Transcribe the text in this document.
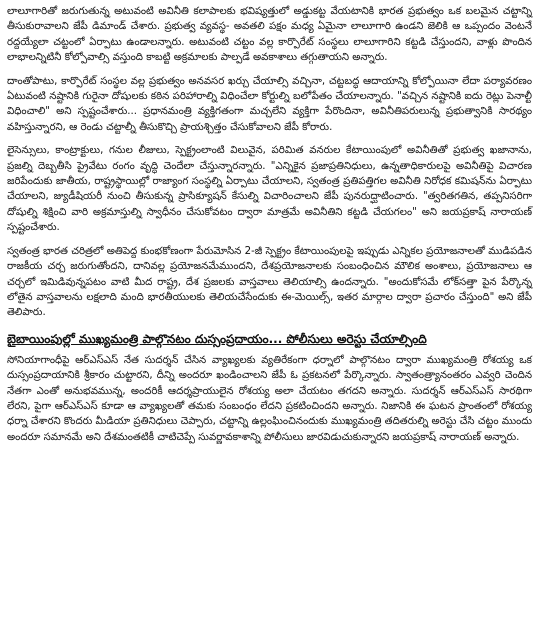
లాలూగారితో జరుగుతున్న అటువంటి అవినీతి కలాపాలకు భవిష్యత్తులో అడ్డుకట్ట వేయటానికి భారత ప్రభుత్వం ఒక బలమైన చట్టాన్ని తీసుకురావాలని జేపీ డిమాండ్ చేశారు. ప్రభుత్వ వ్యవస్థ- అవతలి పక్షం మధ్య ఏమైనా లాలూగారి ఉండని జెలికి ఆ ఒప్పందం వెంటనే రద్దయ్యేలా చట్టంలో ఏర్పాటు ఉండాలన్నారు. అటువంటి చట్టం వల్ల కార్పొరేట్ సంస్థలు లాలూగారిని కట్టడి చేస్తుందని, వాళ్లు పొందిన లాభాలన్నిటినీ కోల్పోవాల్సి వస్తుంది కాబట్టి అక్రమాలకు పాల్పడే అవకాశాలు తగ్గుతాయని అన్నారు.

దాంతోపాటు, కార్పొరేట్ సంస్థల వల్ల ప్రభుత్వం అనవసర ఖర్చు చేయాల్సి వచ్చినా, చట్టబద్ధ ఆదాయాన్ని కోల్పోయినా లేదా పర్యావరణం ఏటువంటి నష్టానికి గురైనా దోషులకు కఠిన పరిహారాల్ని విధించేలా కోర్టుల్ని బలోపేతం చేయాలన్నారు. "వచ్చిన నష్టానికి ఐదు రెట్లు పెనాల్టీ విధించాలి" అని స్పష్టంచేశారు... ప్రధానమంత్రి వ్యక్తిగతంగా మచ్చలేని వ్యక్తిగా పేరొందినా, అవినీతిపరులున్న ప్రభుత్వానికి సారథ్యం వహిస్తున్నారని, ఆ రెండు చట్టాల్నీ తీసుకొచ్చి ప్రాయశ్చిత్తం చేసుకోవాలని జేపీ కోరారు.

లైసెన్సులు, కాంట్రాక్టులు, గనుల లీజులు, స్పెక్ట్రంలాంటి విలువైన, పరిమిత వనరుల కేటాయింపులో అవినీతితో ప్రభుత్వ ఖజానాను, ప్రజల్ని దెబ్బతీసి ప్రైవేటు రంగం వృద్ధి చెందేలా చేస్తున్నారన్నారు. "ఎన్నికైన ప్రజాప్రతినిధులు, ఉన్నతాధికారులపై అవినీతిపై విచారణ జరిపేందుకు జాతీయ, రాష్ట్రస్థాయిల్లో రాజ్యాంగ సంస్థల్ని ఏర్పాటు చేయాలని, స్వతంత్ర ప్రతిపత్తిగల అవినీతి నిరోధక కమిషన్‌ను ఏర్పాటు చేయాలని, జ్యుడీషియరీ నుంచి తీసుకున్న ప్రాసిక్యూషన్ కేసుల్ని విచారించాలని జేపీ పునరుద్ఘాటించారు. "త్వరితగతిన, తప్పనిసరిగా దోషుల్ని శిక్షించి వారి అక్రమాస్తుల్ని స్వాధీనం చేసుకోవటం ద్వారా మాత్రమే అవినీతిని కట్టడి చేయగలం" అని జయప్రకాష్ నారాయణ్ స్పష్టంచేశారు.

స్వతంత్ర భారత చరిత్రలో అతిపెద్ద కుంభకోణంగా పేరుమోసిన 2-జీ స్పెక్ట్రం కేటాయింపులపై ఇప్పుడు ఎన్నికల ప్రయోజనాలతో ముడిపడిన రాజకీయ చర్చ జరుగుతోందని, దానివల్ల ప్రయోజనమేముందని, దేశప్రయోజనాలకు సంబంధించిన మౌలిక అంశాలు, ప్రయోజనాలు ఆ చర్చలో ఇమిడివున్నపటం వాటి మీద రాష్ట్ర, దేశ ప్రజలకు వాస్తవాలు తెలియాల్సి ఉందన్నారు. "అందుకోసమే లోక్‌సత్తా పైన పేర్కొన్న లోతైన వాస్తవాలను లక్షలాది మంది భారతీయులకు తెలియచేసేందుకు ఈ-మెయిల్స్, ఇతర మార్గాల ద్వారా ప్రచారం చేస్తుంది" అని జేపీ తెలిపారు.

బైబాయింపుల్లో ముఖ్యమంత్రి పాల్గొనటం దుస్సంప్రదాయం... పోలీసులు అరెస్టు చేయాల్సింది

సోనియాగాంధీపై ఆర్ఎస్ఎస్ నేత సుదర్శన్ చేసిన వ్యాఖ్యలకు వ్యతిరేకంగా ధర్నాలో పాల్గొనటం ద్వారా ముఖ్యమంత్రి రోశయ్య ఒక దుస్సంప్రదాయానికి శ్రీకారం చుట్టారని, దీన్ని అందరూ ఖండించాలని జేపీ ఓ ప్రకటనలో పేర్కొన్నారు. స్వాతంత్ర్యానంతరం ఎవ్వరి చెందిన నేతగా ఎంతో అనుభవమున్న, అందరికీ ఆదర్శప్రాయులైన రోశయ్య అలా చేయటం తగదని అన్నారు. సుదర్శన్ ఆర్ఎస్ఎస్ సారథిగా లేరని, పైగా ఆర్ఎస్ఎస్ కూడా ఆ వ్యాఖ్యలతో తమకు సంబంధం లేదని ప్రకటించిందని అన్నారు. నిజానికి ఈ ఘటన ప్రాంతంలో రోశయ్య ధర్నా చేశారని కొందరు మీడియా ప్రతినిధులు చెప్పారు, చట్టాన్ని ఉల్లంఘించినందుకు ముఖ్యమంత్రి తదితరుల్ని అరెస్టు చేసి చట్టం ముందు అందరూ సమానమే అని దేశమంతటికీ చాటిచెప్పే సువర్ణావకాశాన్ని పోలీసులు జారవిడుచుకున్నారని జయప్రకాష్ నారాయణ్ అన్నారు.
